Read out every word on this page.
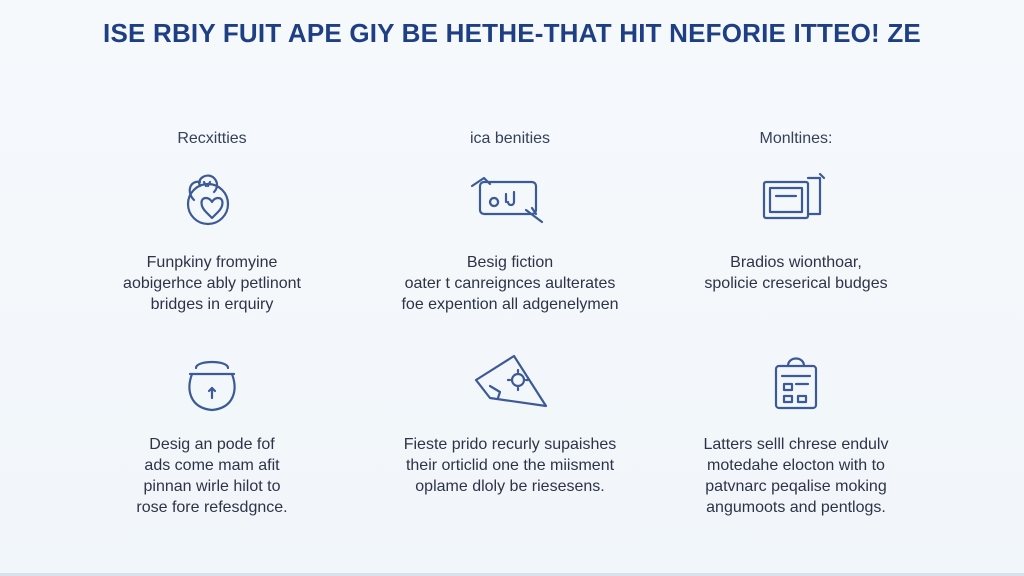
ISE RBIY FUIT APE GIY BE HETHE-THAT HIT NEFORIE ITTEO! ZE
Recxitties
Funpkiny fromyine
aobigerhce ably petlinont
bridges in erquiry
ica benities
Besig fiction
oater t canreignces aulterates
foe expention all adgenelymen
Monltines:
Bradios wionthoar,
spolicie creserical budges
Desig an pode fof
ads come mam afit
pinnan wirle hilot to
rose fore refesdgnce.
Fieste prido recurly supaishes
their orticlid one the miisment
oplame dloly be riesesens.
Latters selll chrese endulv
motedahe elocton with to
patvnarc peqalise moking
angumoots and pentlogs.
